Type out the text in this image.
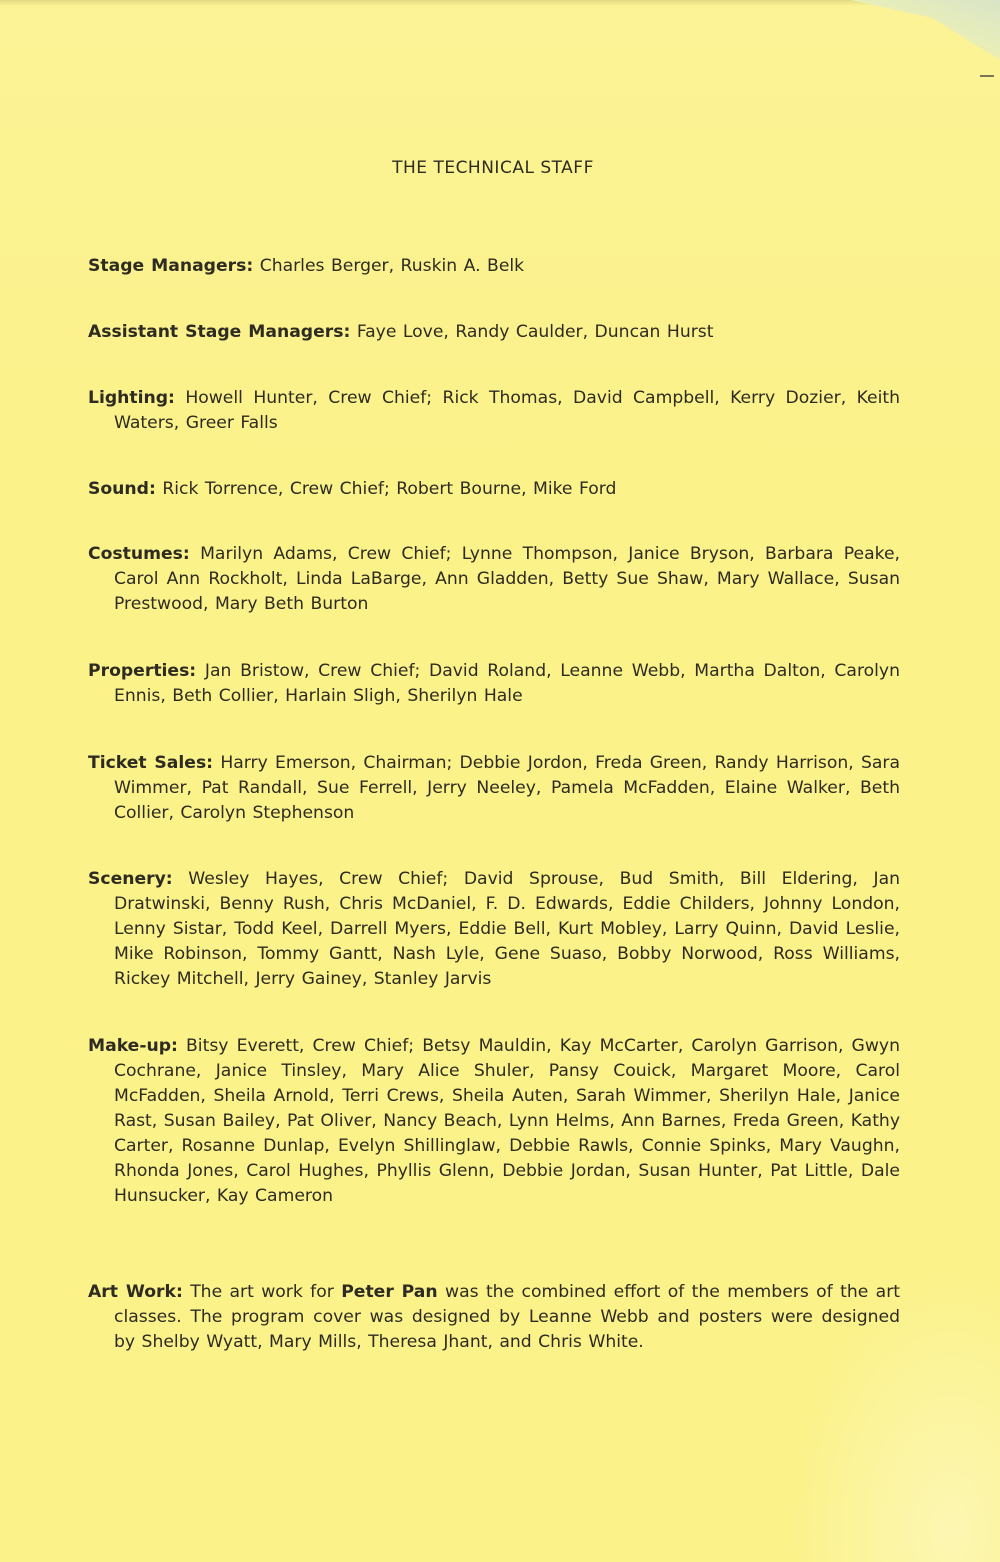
THE TECHNICAL STAFF
Stage Managers: Charles Berger, Ruskin A. Belk
Assistant Stage Managers: Faye Love, Randy Caulder, Duncan Hurst
Lighting: Howell Hunter, Crew Chief; Rick Thomas, David Campbell, Kerry Dozier, Keith Waters, Greer Falls
Sound: Rick Torrence, Crew Chief; Robert Bourne, Mike Ford
Costumes: Marilyn Adams, Crew Chief; Lynne Thompson, Janice Bryson, Barbara Peake, Carol Ann Rockholt, Linda LaBarge, Ann Gladden, Betty Sue Shaw, Mary Wallace, Susan Prestwood, Mary Beth Burton
Properties: Jan Bristow, Crew Chief; David Roland, Leanne Webb, Martha Dalton, Carolyn Ennis, Beth Collier, Harlain Sligh, Sherilyn Hale
Ticket Sales: Harry Emerson, Chairman; Debbie Jordon, Freda Green, Randy Harrison, Sara Wimmer, Pat Randall, Sue Ferrell, Jerry Neeley, Pamela McFadden, Elaine Walker, Beth Collier, Carolyn Stephenson
Scenery: Wesley Hayes, Crew Chief; David Sprouse, Bud Smith, Bill Eldering, Jan Dratwinski, Benny Rush, Chris McDaniel, F. D. Edwards, Eddie Childers, Johnny London, Lenny Sistar, Todd Keel, Darrell Myers, Eddie Bell, Kurt Mobley, Larry Quinn, David Leslie, Mike Robinson, Tommy Gantt, Nash Lyle, Gene Suaso, Bobby Norwood, Ross Williams, Rickey Mitchell, Jerry Gainey, Stanley Jarvis
Make-up: Bitsy Everett, Crew Chief; Betsy Mauldin, Kay McCarter, Carolyn Garrison, Gwyn Cochrane, Janice Tinsley, Mary Alice Shuler, Pansy Couick, Margaret Moore, Carol McFadden, Sheila Arnold, Terri Crews, Sheila Auten, Sarah Wimmer, Sherilyn Hale, Janice Rast, Susan Bailey, Pat Oliver, Nancy Beach, Lynn Helms, Ann Barnes, Freda Green, Kathy Carter, Rosanne Dunlap, Evelyn Shillinglaw, Debbie Rawls, Connie Spinks, Mary Vaughn, Rhonda Jones, Carol Hughes, Phyllis Glenn, Debbie Jordan, Susan Hunter, Pat Little, Dale Hunsucker, Kay Cameron
Art Work: The art work for Peter Pan was the combined effort of the members of the art classes. The program cover was designed by Leanne Webb and posters were designed by Shelby Wyatt, Mary Mills, Theresa Jhant, and Chris White.
